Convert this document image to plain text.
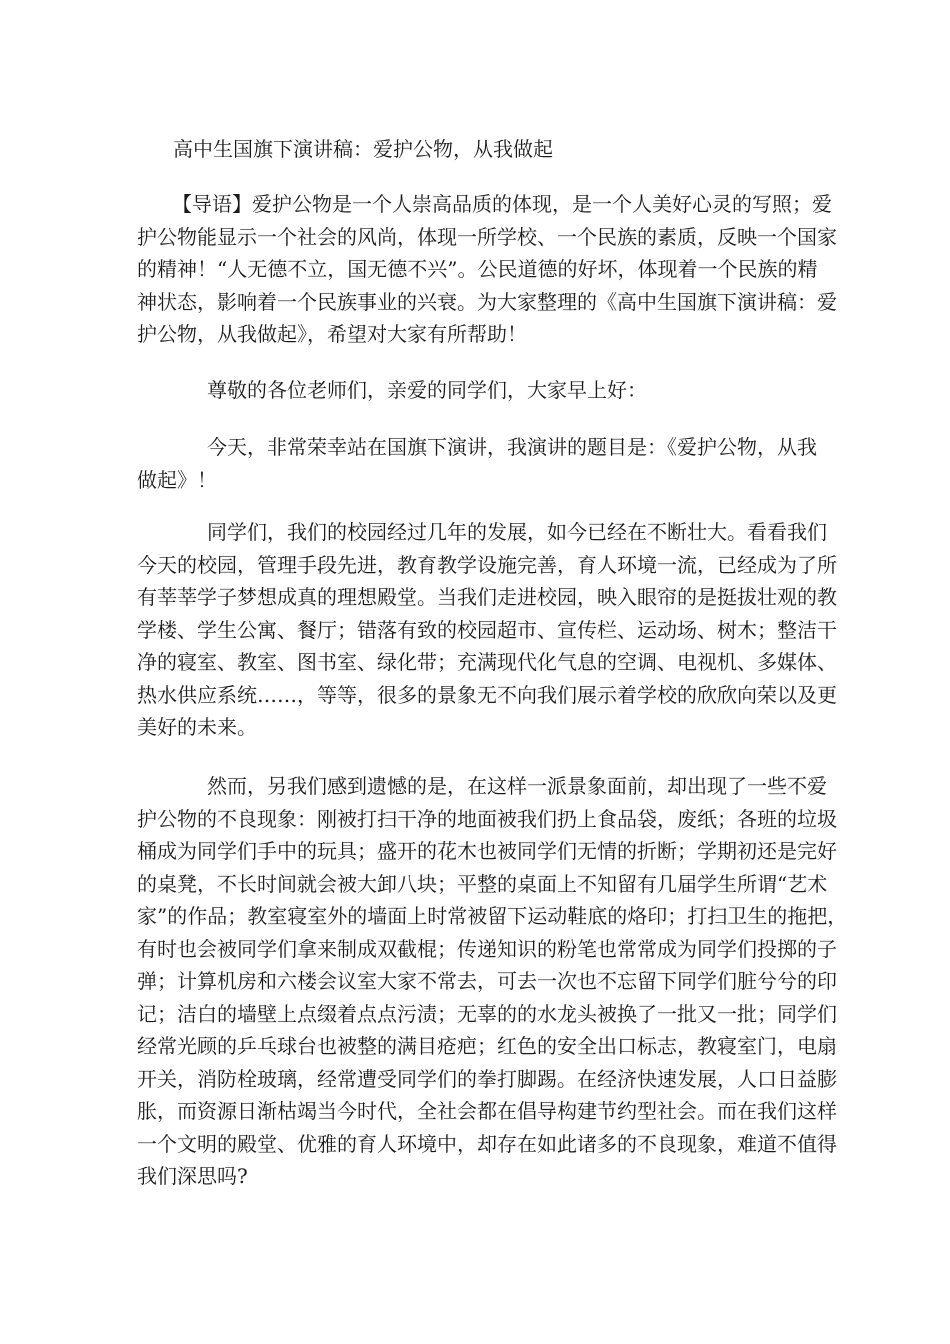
高中生国旗下演讲稿：爱护公物，从我做起

【导语】爱护公物是一个人崇高品质的体现，是一个人美好心灵的写照；爱
护公物能显示一个社会的风尚，体现一所学校、一个民族的素质，反映一个国家
的精神！“人无德不立，国无德不兴”。公民道德的好坏，体现着一个民族的精
神状态，影响着一个民族事业的兴衰。为大家整理的《高中生国旗下演讲稿：爱
护公物，从我做起》，希望对大家有所帮助！

尊敬的各位老师们，亲爱的同学们，大家早上好：

今天，非常荣幸站在国旗下演讲，我演讲的题目是：《爱护公物，从我
做起》！

同学们，我们的校园经过几年的发展，如今已经在不断壮大。看看我们
今天的校园，管理手段先进，教育教学设施完善，育人环境一流，已经成为了所
有莘莘学子梦想成真的理想殿堂。当我们走进校园，映入眼帘的是挺拔壮观的教
学楼、学生公寓、餐厅；错落有致的校园超市、宣传栏、运动场、树木；整洁干
净的寝室、教室、图书室、绿化带；充满现代化气息的空调、电视机、多媒体、
热水供应系统……，等等，很多的景象无不向我们展示着学校的欣欣向荣以及更
美好的未来。

然而，另我们感到遗憾的是，在这样一派景象面前，却出现了一些不爱
护公物的不良现象：刚被打扫干净的地面被我们扔上食品袋，废纸；各班的垃圾
桶成为同学们手中的玩具；盛开的花木也被同学们无情的折断；学期初还是完好
的桌凳，不长时间就会被大卸八块；平整的桌面上不知留有几届学生所谓“艺术
家”的作品；教室寝室外的墙面上时常被留下运动鞋底的烙印；打扫卫生的拖把，
有时也会被同学们拿来制成双截棍；传递知识的粉笔也常常成为同学们投掷的子
弹；计算机房和六楼会议室大家不常去，可去一次也不忘留下同学们脏兮兮的印
记；洁白的墙壁上点缀着点点污渍；无辜的的水龙头被换了一批又一批；同学们
经常光顾的乒乓球台也被整的满目疮疤；红色的安全出口标志，教寝室门，电扇
开关，消防栓玻璃，经常遭受同学们的拳打脚踢。在经济快速发展，人口日益膨
胀，而资源日渐枯竭当今时代，全社会都在倡导构建节约型社会。而在我们这样
一个文明的殿堂、优雅的育人环境中，却存在如此诸多的不良现象，难道不值得
我们深思吗?
